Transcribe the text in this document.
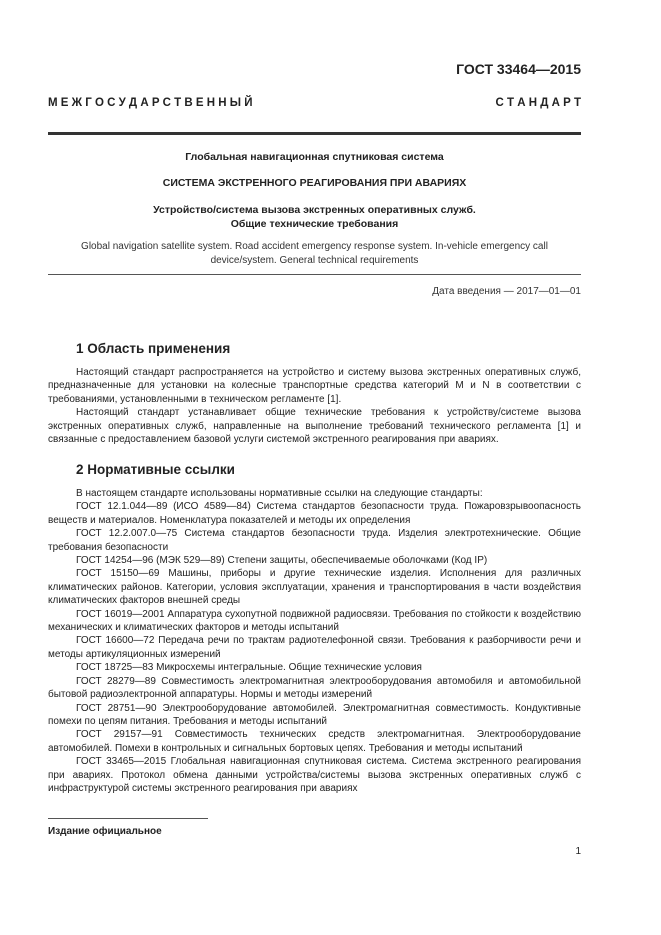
ГОСТ 33464—2015
М Е Ж Г О С У Д А Р С Т В Е Н Н Ы Й	С Т А Н Д А Р Т
Глобальная навигационная спутниковая система
СИСТЕМА ЭКСТРЕННОГО РЕАГИРОВАНИЯ ПРИ АВАРИЯХ
Устройство/система вызова экстренных оперативных служб.
Общие технические требования
Global navigation satellite system. Road accident emergency response system. In-vehicle emergency call
device/system. General technical requirements
Дата введения — 2017—01—01
1 Область применения

Настоящий стандарт распространяется на устройство и систему вызова экстренных оперативных служб, предназначенные для установки на колесные транспортные средства категорий М и N в соответствии с требованиями, установленными в техническом регламенте [1].

Настоящий стандарт устанавливает общие технические требования к устройству/системе вызова экстренных оперативных служб, направленные на выполнение требований технического регламента [1] и связанные с предоставлением базовой услуги системой экстренного реагирования при авариях.

2 Нормативные ссылки

В настоящем стандарте использованы нормативные ссылки на следующие стандарты:

ГОСТ 12.1.044—89 (ИСО 4589—84) Система стандартов безопасности труда. Пожаровзрывоопасность веществ и материалов. Номенклатура показателей и методы их определения

ГОСТ 12.2.007.0—75 Система стандартов безопасности труда. Изделия электротехнические. Общие требования безопасности

ГОСТ 14254—96 (МЭК 529—89) Степени защиты, обеспечиваемые оболочками (Код IP)

ГОСТ 15150—69 Машины, приборы и другие технические изделия. Исполнения для различных климатических районов. Категории, условия эксплуатации, хранения и транспортирования в части воздействия климатических факторов внешней среды

ГОСТ 16019—2001 Аппаратура сухопутной подвижной радиосвязи. Требования по стойкости к воздействию механических и климатических факторов и методы испытаний

ГОСТ 16600—72 Передача речи по трактам радиотелефонной связи. Требования к разборчивости речи и методы артикуляционных измерений

ГОСТ 18725—83 Микросхемы интегральные. Общие технические условия

ГОСТ 28279—89 Совместимость электромагнитная электрооборудования автомобиля и автомобильной бытовой радиоэлектронной аппаратуры. Нормы и методы измерений

ГОСТ 28751—90 Электрооборудование автомобилей. Электромагнитная совместимость. Кондуктивные помехи по цепям питания. Требования и методы испытаний

ГОСТ 29157—91 Совместимость технических средств электромагнитная. Электрооборудование автомобилей. Помехи в контрольных и сигнальных бортовых цепях. Требования и методы испытаний

ГОСТ 33465—2015 Глобальная навигационная спутниковая система. Система экстренного реагирования при авариях. Протокол обмена данными устройства/системы вызова экстренных оперативных служб с инфраструктурой системы экстренного реагирования при авариях

Издание официальное
1
